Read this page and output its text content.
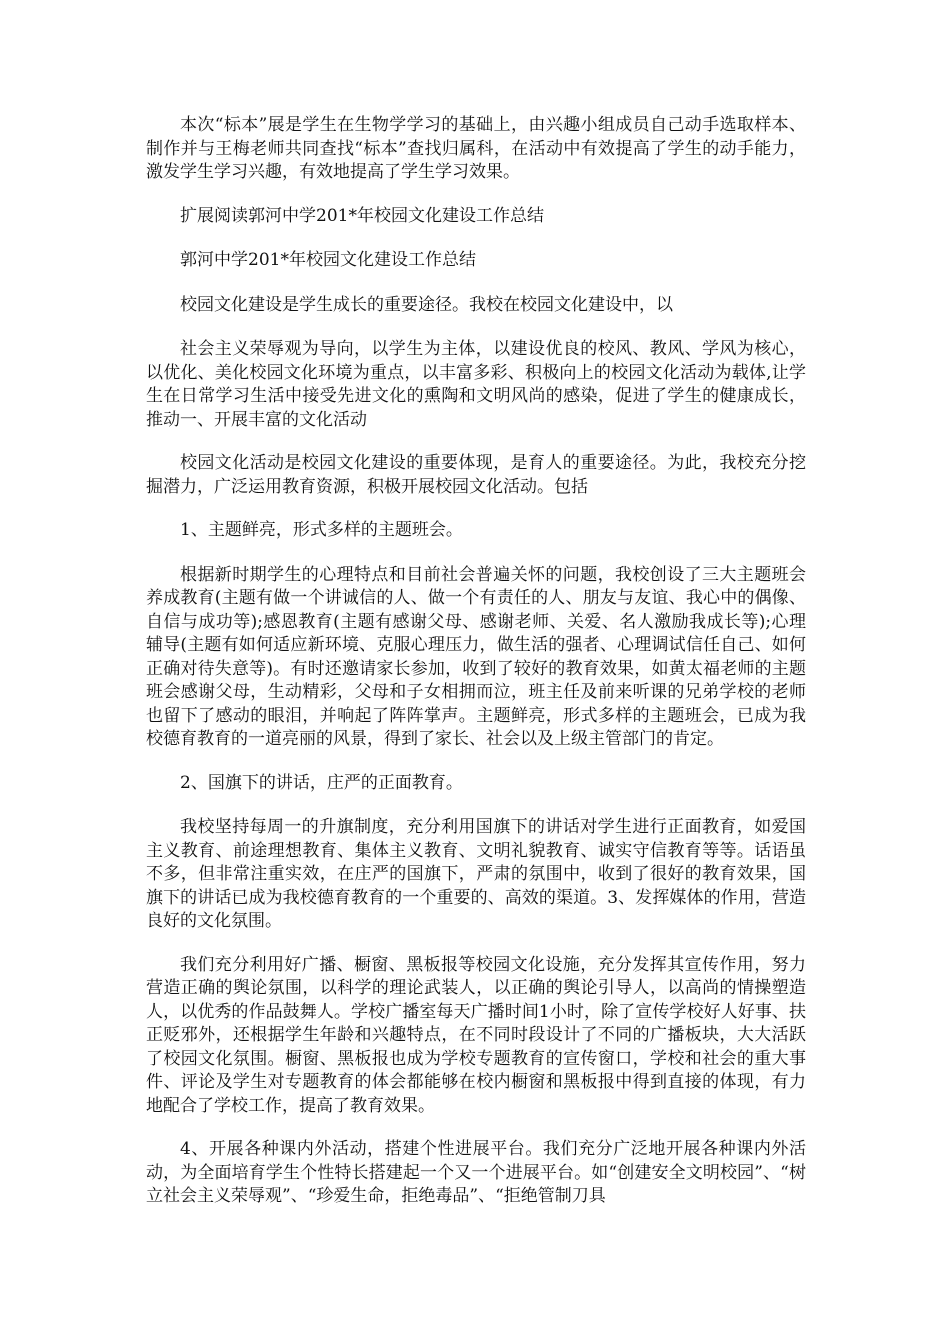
本次“标本”展是学生在生物学学习的基础上，由兴趣小组成员自己动手选取样本、制作并与王梅老师共同查找“标本”查找归属科，在活动中有效提高了学生的动手能力，激发学生学习兴趣，有效地提高了学生学习效果。

扩展阅读郭河中学201*年校园文化建设工作总结

郭河中学201*年校园文化建设工作总结

校园文化建设是学生成长的重要途径。我校在校园文化建设中，以

社会主义荣辱观为导向，以学生为主体，以建设优良的校风、教风、学风为核心，以优化、美化校园文化环境为重点，以丰富多彩、积极向上的校园文化活动为载体,让学生在日常学习生活中接受先进文化的熏陶和文明风尚的感染，促进了学生的健康成长，推动一、开展丰富的文化活动

校园文化活动是校园文化建设的重要体现，是育人的重要途径。为此，我校充分挖掘潜力，广泛运用教育资源，积极开展校园文化活动。包括

1、主题鲜亮，形式多样的主题班会。

根据新时期学生的心理特点和目前社会普遍关怀的问题，我校创设了三大主题班会养成教育(主题有做一个讲诚信的人、做一个有责任的人、朋友与友谊、我心中的偶像、自信与成功等);感恩教育(主题有感谢父母、感谢老师、关爱、名人激励我成长等);心理辅导(主题有如何适应新环境、克服心理压力，做生活的强者、心理调试信任自己、如何正确对待失意等)。有时还邀请家长参加，收到了较好的教育效果，如黄太福老师的主题班会感谢父母，生动精彩，父母和子女相拥而泣，班主任及前来听课的兄弟学校的老师也留下了感动的眼泪，并响起了阵阵掌声。主题鲜亮，形式多样的主题班会，已成为我校德育教育的一道亮丽的风景，得到了家长、社会以及上级主管部门的肯定。

2、国旗下的讲话，庄严的正面教育。

我校坚持每周一的升旗制度，充分利用国旗下的讲话对学生进行正面教育，如爱国主义教育、前途理想教育、集体主义教育、文明礼貌教育、诚实守信教育等等。话语虽不多，但非常注重实效，在庄严的国旗下，严肃的氛围中，收到了很好的教育效果，国旗下的讲话已成为我校德育教育的一个重要的、高效的渠道。3、发挥媒体的作用，营造良好的文化氛围。

我们充分利用好广播、橱窗、黑板报等校园文化设施，充分发挥其宣传作用，努力营造正确的舆论氛围，以科学的理论武装人，以正确的舆论引导人，以高尚的情操塑造人，以优秀的作品鼓舞人。学校广播室每天广播时间1小时，除了宣传学校好人好事、扶正贬邪外，还根据学生年龄和兴趣特点，在不同时段设计了不同的广播板块，大大活跃了校园文化氛围。橱窗、黑板报也成为学校专题教育的宣传窗口，学校和社会的重大事件、评论及学生对专题教育的体会都能够在校内橱窗和黑板报中得到直接的体现，有力地配合了学校工作，提高了教育效果。

4、开展各种课内外活动，搭建个性进展平台。我们充分广泛地开展各种课内外活动，为全面培育学生个性特长搭建起一个又一个进展平台。如“创建安全文明校园”、“树立社会主义荣辱观”、“珍爱生命，拒绝毒品”、“拒绝管制刀具
